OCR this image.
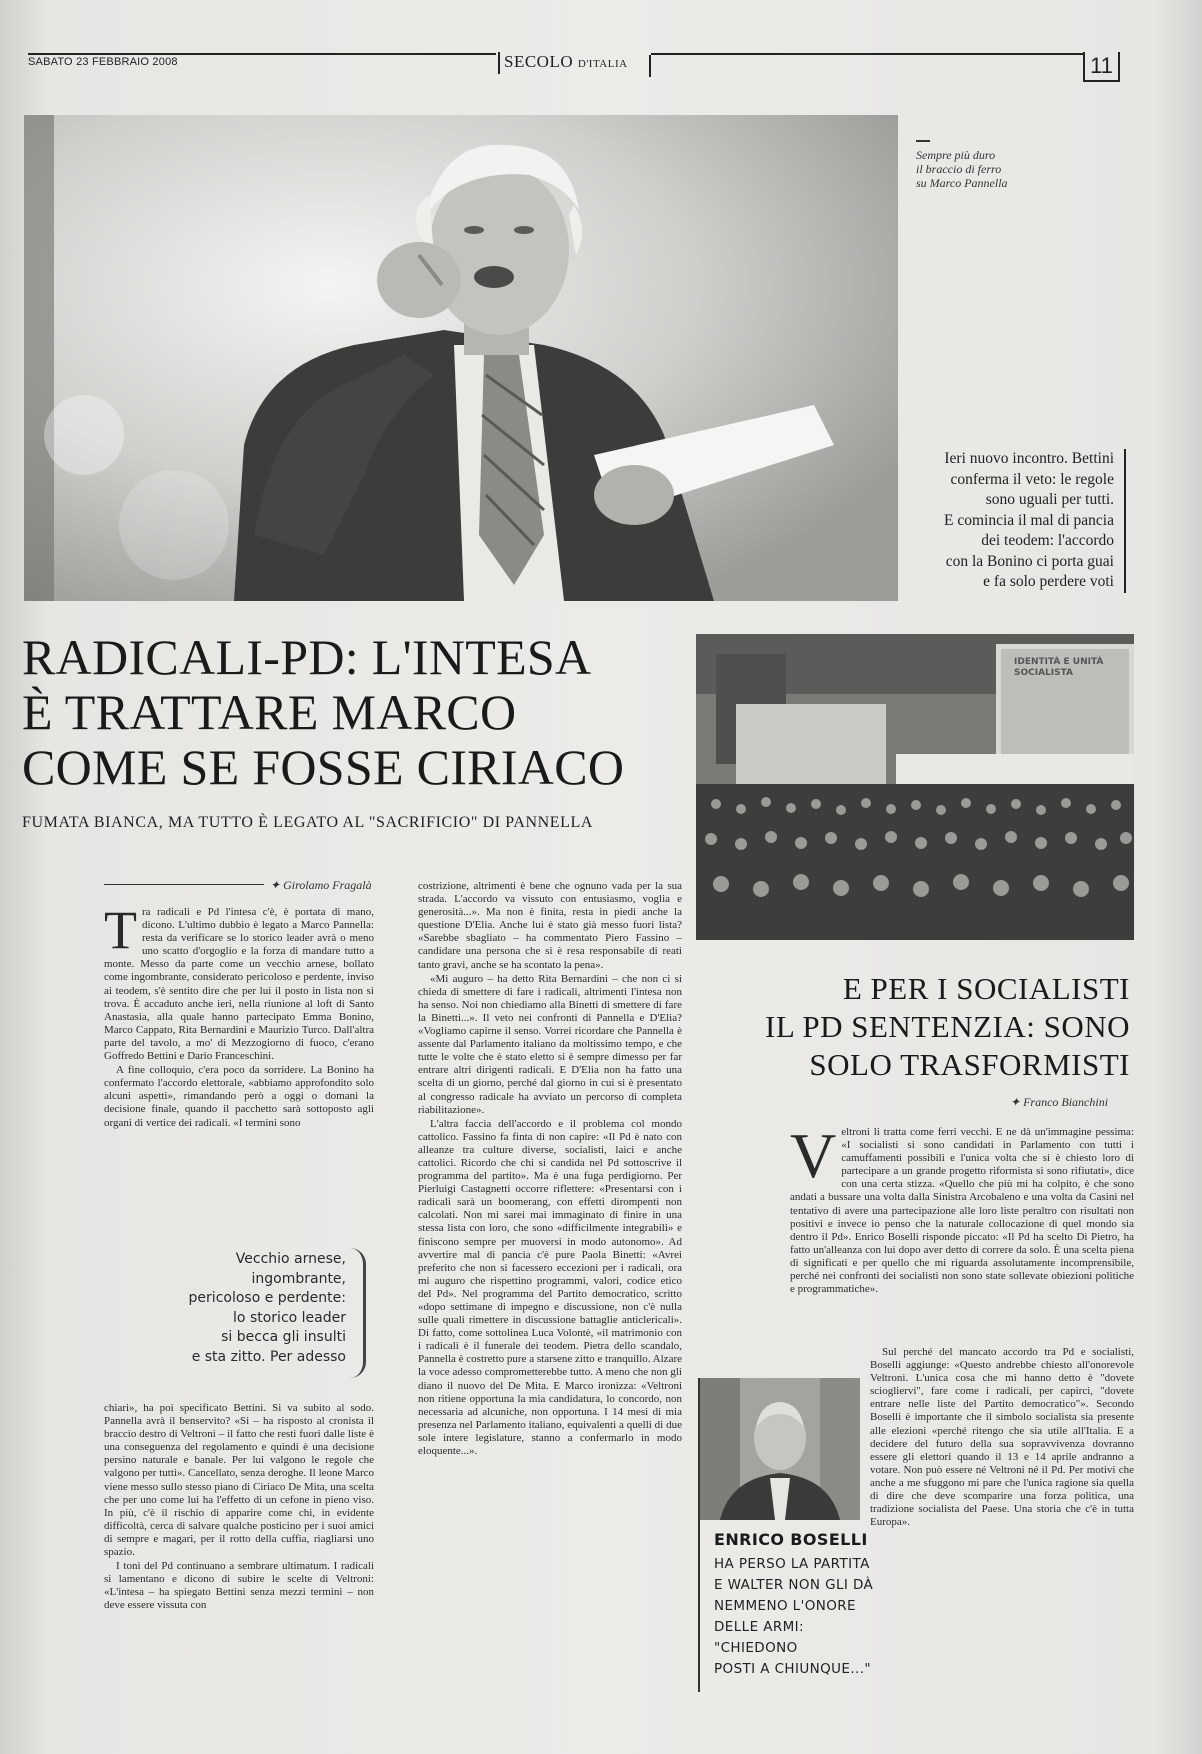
SABATO 23 FEBBRAIO 2008	SECOLO D'ITALIA	11
Sempre più duro
il braccio di ferro
su Marco Pannella
Ieri nuovo incontro. Bettini
conferma il veto: le regole
sono uguali per tutti.
E comincia il mal di pancia
dei teodem: l'accordo
con la Bonino ci porta guai
e fa solo perdere voti
RADICALI-PD: L'INTESA
È TRATTARE MARCO
COME SE FOSSE CIRIACO
FUMATA BIANCA, MA TUTTO È LEGATO AL "SACRIFICIO" DI PANNELLA
✦ Girolamo Fragalà

Tra radicali e Pd l'intesa c'è, è portata di mano, dicono. L'ultimo dubbio è legato a Marco Pannella: resta da verificare se lo storico leader avrà o meno uno scatto d'orgoglio e la forza di mandare tutto a monte. Messo da parte come un vecchio arnese, bollato come ingombrante, considerato pericoloso e perdente, inviso ai teodem, s'è sentito dire che per lui il posto in lista non si trova. È accaduto anche ieri, nella riunione al loft di Santo Anastasia, alla quale hanno partecipato Emma Bonino, Marco Cappato, Rita Bernardini e Maurizio Turco. Dall'altra parte del tavolo, a mo' di Mezzogiorno di fuoco, c'erano Goffredo Bettini e Dario Franceschini.

A fine colloquio, c'era poco da sorridere. La Bonino ha confermato l'accordo elettorale, «abbiamo approfondito solo alcuni aspetti», rimandando però a oggi o domani la decisione finale, quando il pacchetto sarà sottoposto agli organi di vertice dei radicali. «I termini sono

Vecchio arnese,
ingombrante,
pericoloso e perdente:
lo storico leader
si becca gli insulti
e sta zitto. Per adesso

chiari», ha poi specificato Bettini. Si va subito al sodo. Pannella avrà il benservito? «Si – ha risposto al cronista il braccio destro di Veltroni – il fatto che resti fuori dalle liste è una conseguenza del regolamento e quindi è una decisione persino naturale e banale. Per lui valgono le regole che valgono per tutti». Cancellato, senza deroghe. Il leone Marco viene messo sullo stesso piano di Ciriaco De Mita, una scelta che per uno come lui ha l'effetto di un cefone in pieno viso. In più, c'è il rischio di apparire come chi, in evidente difficoltà, cerca di salvare qualche posticino per i suoi amici di sempre e magari, per il rotto della cuffia, riagliarsi uno spazio.

I toni del Pd continuano a sembrare ultimatum. I radicali si lamentano e dicono di subire le scelte di Veltroni: «L'intesa – ha spiegato Bettini senza mezzi termini – non deve essere vissuta con

costrizione, altrimenti è bene che ognuno vada per la sua strada. L'accordo va vissuto con entusiasmo, voglia e generosità...». Ma non è finita, resta in piedi anche la questione D'Elia. Anche lui è stato già messo fuori lista? «Sarebbe sbagliato – ha commentato Piero Fassino – candidare una persona che si è resa responsabile di reati tanto gravi, anche se ha scontato la pena».

«Mi auguro – ha detto Rita Bernardini – che non ci si chieda di smettere di fare i radicali, altrimenti l'intesa non ha senso. Noi non chiediamo alla Binetti di smettere di fare la Binetti...». Il veto nei confronti di Pannella e D'Elia? «Vogliamo capirne il senso. Vorrei ricordare che Pannella è assente dal Parlamento italiano da moltissimo tempo, e che tutte le volte che è stato eletto si è sempre dimesso per far entrare altri dirigenti radicali. E D'Elia non ha fatto una scelta di un giorno, perché dal giorno in cui si è presentato al congresso radicale ha avviato un percorso di completa riabilitazione».

L'altra faccia dell'accordo e il problema col mondo cattolico. Fassino fa finta di non capire: «Il Pd è nato con alleanze tra culture diverse, socialisti, laici e anche cattolici. Ricordo che chi si candida nel Pd sottoscrive il programma del partito». Ma è una fuga perdigiorno. Per Pierluigi Castagnetti occorre riflettere: «Presentarsi con i radicali sarà un boomerang, con effetti dirompenti non calcolati. Non mi sarei mai immaginato di finire in una stessa lista con loro, che sono «difficilmente integrabili» e finiscono sempre per muoversi in modo autonomo». Ad avvertire mal di pancia c'è pure Paola Binetti: «Avrei preferito che non si facessero eccezioni per i radicali, ora mi auguro che rispettino programmi, valori, codice etico del Pd». Nel programma del Partito democratico, scritto «dopo settimane di impegno e discussione, non c'è nulla sulle quali rimettere in discussione battaglie anticlericali». Di fatto, come sottolinea Luca Volontè, «il matrimonio con i radicali è il funerale dei teodem. Pietra dello scandalo, Pannella è costretto pure a starsene zitto e tranquillo. Alzare la voce adesso comprometterebbe tutto. A meno che non gli diano il nuovo del De Mita. E Marco ironizza: «Veltroni non ritiene opportuna la mia candidatura, lo concordo, non necessaria ad alcuniche, non opportuna. I 14 mesi di mia presenza nel Parlamento italiano, equivalenti a quelli di due sole intere legislature, stanno a confermarlo in modo eloquente...».

IDENTITÀ E UNITÀ
SOCIALISTA
E PER I SOCIALISTI
IL PD SENTENZIA: SONO
SOLO TRASFORMISTI
✦ Franco Bianchini

Veltroni li tratta come ferri vecchi. E ne dà un'immagine pessima: «I socialisti si sono candidati in Parlamento con tutti i camuffamenti possibili e l'unica volta che si è chiesto loro di partecipare a un grande progetto riformista si sono rifiutati», dice con una certa stizza. «Quello che più mi ha colpito, è che sono andati a bussare una volta dalla Sinistra Arcobaleno e una volta da Casini nel tentativo di avere una partecipazione alle loro liste peraltro con risultati non positivi e invece io penso che la naturale collocazione di quel mondo sia dentro il Pd». Enrico Boselli risponde piccato: «Il Pd ha scelto Di Pietro, ha fatto un'alleanza con lui dopo aver detto di correre da solo. È una scelta piena di significati e per quello che mi riguarda assolutamente incomprensibile, perché nei confronti dei socialisti non sono state sollevate obiezioni politiche e programmatiche».

Sul perché del mancato accordo tra Pd e socialisti, Boselli aggiunge: «Questo andrebbe chiesto all'onorevole Veltroni. L'unica cosa che mi hanno detto è "dovete sciogliervi", fare come i radicali, per capirci, "dovete entrare nelle liste del Partito democratico"». Secondo Boselli è importante che il simbolo socialista sia presente alle elezioni «perché ritengo che sia utile all'Italia. E a decidere del futuro della sua sopravvivenza dovranno essere gli elettori quando il 13 e 14 aprile andranno a votare. Non può essere né Veltroni né il Pd. Per motivi che anche a me sfuggono mi pare che l'unica ragione sia quella di dire che deve scomparire una forza politica, una tradizione socialista del Paese. Una storia che c'è in tutta Europa».

ENRICO BOSELLI
HA PERSO LA PARTITA
E WALTER NON GLI DÀ
NEMMENO L'ONORE
DELLE ARMI: "CHIEDONO
POSTI A CHIUNQUE..."
